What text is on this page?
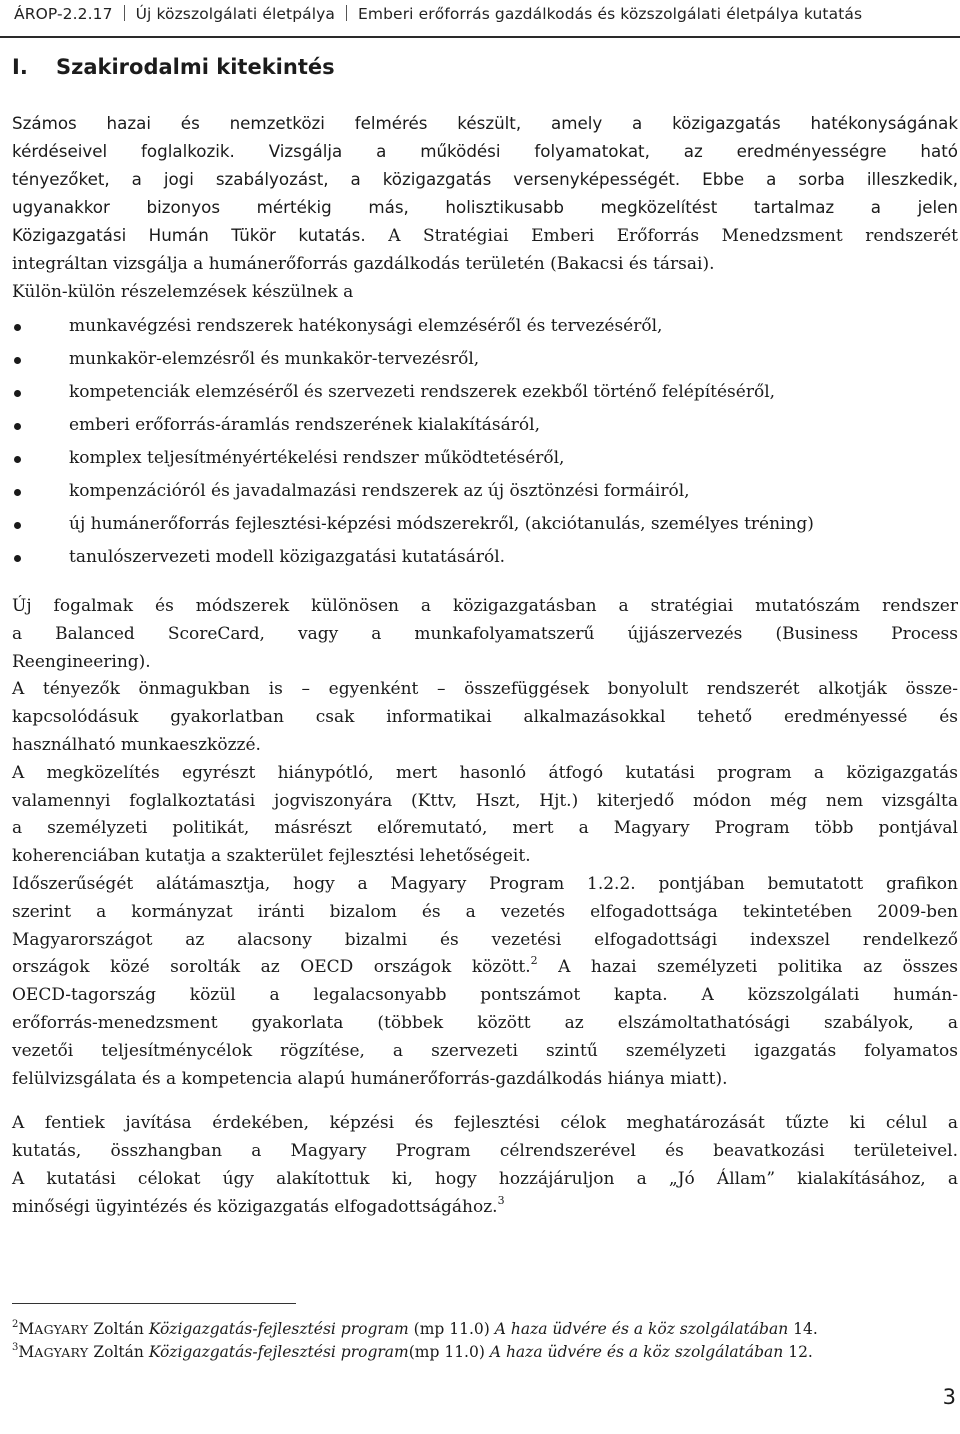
ÁROP-2.2.17 Új közszolgálati életpálya Emberi erőforrás gazdálkodás és közszolgálati életpálya kutatás
I. Szakirodalmi kitekintés

Számos hazai és nemzetközi felmérés készült, amely a közigazgatás hatékonyságának

kérdéseivel foglalkozik. Vizsgálja a működési folyamatokat, az eredményességre ható

tényezőket, a jogi szabályozást, a közigazgatás versenyképességét. Ebbe a sorba illeszkedik,

ugyanakkor bizonyos mértékig más, holisztikusabb megközelítést tartalmaz a jelen

Közigazgatási Humán Tükör kutatás. A Stratégiai Emberi Erőforrás Menedzsment rendszerét

integráltan vizsgálja a humánerőforrás gazdálkodás területén (Bakacsi és társai).

Külön-külön részelemzések készülnek a

munkavégzési rendszerek hatékonysági elemzéséről és tervezéséről,
munkakör-elemzésről és munkakör-tervezésről,
kompetenciák elemzéséről és szervezeti rendszerek ezekből történő felépítéséről,
emberi erőforrás-áramlás rendszerének kialakításáról,
komplex teljesítményértékelési rendszer működtetéséről,
kompenzációról és javadalmazási rendszerek az új ösztönzési formáiról,
új humánerőforrás fejlesztési-képzési módszerekről, (akciótanulás, személyes tréning)
tanulószervezeti modell közigazgatási kutatásáról.

Új fogalmak és módszerek különösen a közigazgatásban a stratégiai mutatószám rendszer

a Balanced ScoreCard, vagy a munkafolyamatszerű újjászervezés (Business Process

Reengineering).

A tényezők önmagukban is – egyenként – összefüggések bonyolult rendszerét alkotják össze-

kapcsolódásuk gyakorlatban csak informatikai alkalmazásokkal tehető eredményessé és

használható munkaeszközzé.

A megközelítés egyrészt hiánypótló, mert hasonló átfogó kutatási program a közigazgatás

valamennyi foglalkoztatási jogviszonyára (Kttv, Hszt, Hjt.) kiterjedő módon még nem vizsgálta

a személyzeti politikát, másrészt előremutató, mert a Magyary Program több pontjával

koherenciában kutatja a szakterület fejlesztési lehetőségeit.

Időszerűségét alátámasztja, hogy a Magyary Program 1.2.2. pontjában bemutatott grafikon

szerint a kormányzat iránti bizalom és a vezetés elfogadottsága tekintetében 2009-ben

Magyarországot az alacsony bizalmi és vezetési elfogadottsági indexszel rendelkező

országok közé sorolták az OECD országok között.$^2$ A hazai személyzeti politika az összes

OECD-tagország közül a legalacsonyabb pontszámot kapta. A közszolgálati humán-

erőforrás-menedzsment gyakorlata (többek között az elszámoltathatósági szabályok, a

vezetői teljesítménycélok rögzítése, a szervezeti szintű személyzeti igazgatás folyamatos

felülvizsgálata és a kompetencia alapú humánerőforrás-gazdálkodás hiánya miatt).

A fentiek javítása érdekében, képzési és fejlesztési célok meghatározását tűzte ki célul a

kutatás, összhangban a Magyary Program célrendszerével és beavatkozási területeivel.

A kutatási célokat úgy alakítottuk ki, hogy hozzájáruljon a „Jó Állam” kialakításához, a

minőségi ügyintézés és közigazgatás elfogadottságához.$^3$

$^2$MAGYARY Zoltán Közigazgatás-fejlesztési program (mp 11.0) A haza üdvére és a köz szolgálatában 14.
$^3$MAGYARY Zoltán Közigazgatás-fejlesztési program(mp 11.0) A haza üdvére és a köz szolgálatában 12.
3
